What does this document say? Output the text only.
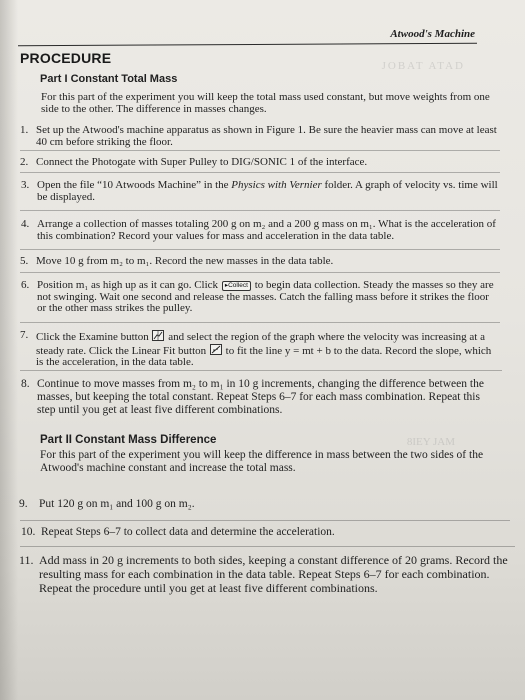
Atwood's Machine
JOBAT ATAD
8IEY JAM
PROCEDURE
Part I Constant Total Mass

For this part of the experiment you will keep the total mass used constant, but move weights from one side to the other. The difference in masses changes.

1. Set up the Atwood's machine apparatus as shown in Figure 1. Be sure the heavier mass can move at least 40 cm before striking the floor.
2. Connect the Photogate with Super Pulley to DIG/SONIC 1 of the interface.
3. Open the file “10 Atwoods Machine” in the Physics with Vernier folder. A graph of velocity vs. time will be displayed.
4. Arrange a collection of masses totaling 200 g on m₂ and a 200 g mass on m₁. What is the acceleration of this combination? Record your values for mass and acceleration in the data table.
5. Move 10 g from m₂ to m₁. Record the new masses in the data table.
6. Position m₁ as high up as it can go. Click ▸Collect to begin data collection. Steady the masses so they are not swinging. Wait one second and release the masses. Catch the falling mass before it strikes the floor or the other mass strikes the pulley.
7. Click the Examine button
and select the region of the graph where the velocity was increasing at a steady rate. Click the Linear Fit button
to fit the line y = mt + b to the data. Record the slope, which is the acceleration, in the data table.
8. Continue to move masses from m₂ to m₁ in 10 g increments, changing the difference between the masses, but keeping the total constant. Repeat Steps 6–7 for each mass combination. Repeat this step until you get at least five different combinations.
Part II Constant Mass Difference

For this part of the experiment you will keep the difference in mass between the two sides of the Atwood's machine constant and increase the total mass.

9. Put 120 g on m₁ and 100 g on m₂.
10. Repeat Steps 6–7 to collect data and determine the acceleration.
11. Add mass in 20 g increments to both sides, keeping a constant difference of 20 grams. Record the resulting mass for each combination in the data table. Repeat Steps 6–7 for each combination. Repeat the procedure until you get at least five different combinations.
